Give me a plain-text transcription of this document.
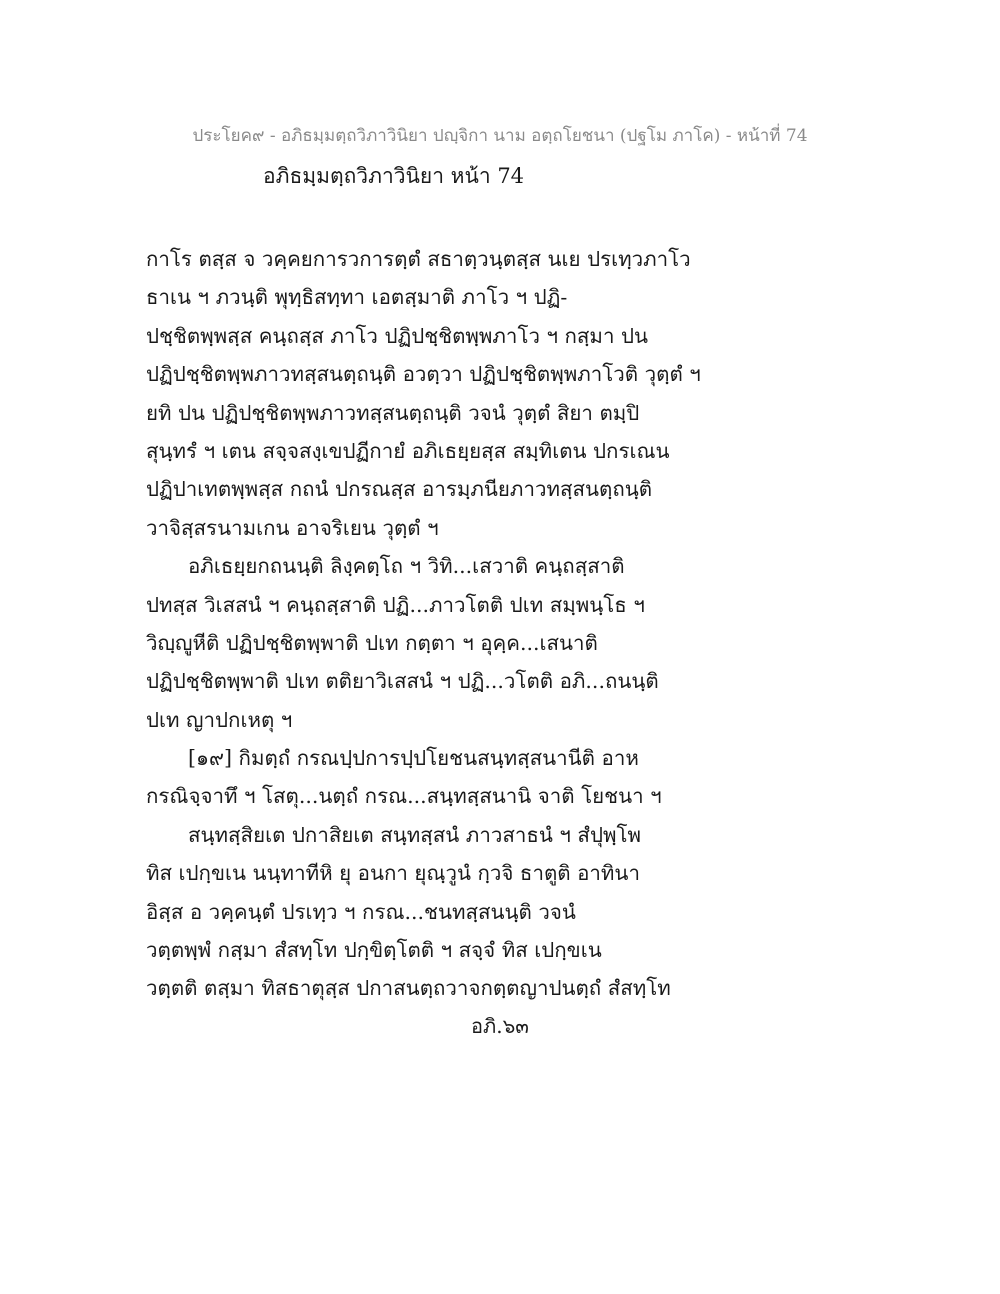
ประโยค๙ - อภิธมฺมตฺถวิภาวินิยา ปญฺจิกา นาม อตฺถโยชนา (ปฐโม ภาโค) - หน้าที่ 74
อภิธมฺมตฺถวิภาวินิยา หน้า 74
กาโร ตสฺส จ วคฺคยการวการตฺตํ สธาตฺวนฺตสฺส นเย ปรเทฺวภาโว
ธาเน ฯ ภวนฺติ พุทฺธิสทฺทา เอตสฺมาติ ภาโว ฯ ปฏิ-
ปชฺชิตพฺพสฺส คนฺถสฺส ภาโว ปฏิปชฺชิตพฺพภาโว ฯ กสฺมา ปน
ปฏิปชฺชิตพฺพภาวทสฺสนตฺถนฺติ อวตฺวา ปฏิปชฺชิตพฺพภาโวติ วุตฺตํ ฯ
ยทิ ปน ปฏิปชฺชิตพฺพภาวทสฺสนตฺถนฺติ วจนํ วุตฺตํ สิยา ตมฺปิ
สุนฺทรํ ฯ เตน สจฺจสงฺเขปฏีกายํ อภิเธยฺยสฺส สมฺทิเตน ปกรเณน
ปฏิปาเทตพฺพสฺส กถนํ ปกรณสฺส อารมฺภนียภาวทสฺสนตฺถนฺติ
วาจิสฺสรนามเกน อาจริเยน วุตฺตํ ฯ
อภิเธยฺยกถนนฺติ ลิงฺคตฺโถ ฯ วิทิ...เสวาติ คนฺถสฺสาติ
ปทสฺส วิเสสนํ ฯ คนฺถสฺสาติ ปฏิ...ภาวโตติ ปเท สมฺพนฺโธ ฯ
วิญฺญูหีติ ปฏิปชฺชิตพฺพาติ ปเท กตฺตา ฯ อุคฺค...เสนาติ
ปฏิปชฺชิตพฺพาติ ปเท ตติยาวิเสสนํ ฯ ปฏิ...วโตติ อภิ...ถนนฺติ
ปเท ญาปกเหตุ ฯ
[๑๙] กิมตฺถํ กรณปฺปการปฺปโยชนสนฺทสฺสนานีติ อาห
กรณิจฺจาทึ ฯ โสตุ...นตฺถํ กรณ...สนฺทสฺสนานิ จาติ โยชนา ฯ
สนฺทสฺสิยเต ปกาสิยเต สนฺทสฺสนํ ภาวสาธนํ ฯ สํปุพฺโพ
ทิส เปกฺขเน นนฺทาทีหิ ยุ อนกา ยุณฺวูนํ กฺวจิ ธาตูติ อาทินา
อิสฺส อ วคฺคนฺตํ ปรเทฺว ฯ กรณ...ชนทสฺสนนฺติ วจนํ
วตฺตพฺพํ กสฺมา สํสทฺโท ปกฺขิตฺโตติ ฯ สจฺจํ ทิส เปกฺขเน
วตฺตติ ตสฺมา ทิสธาตุสฺส ปกาสนตฺถวาจกตฺตญาปนตฺถํ สํสทฺโท
อภิ.๖๓
